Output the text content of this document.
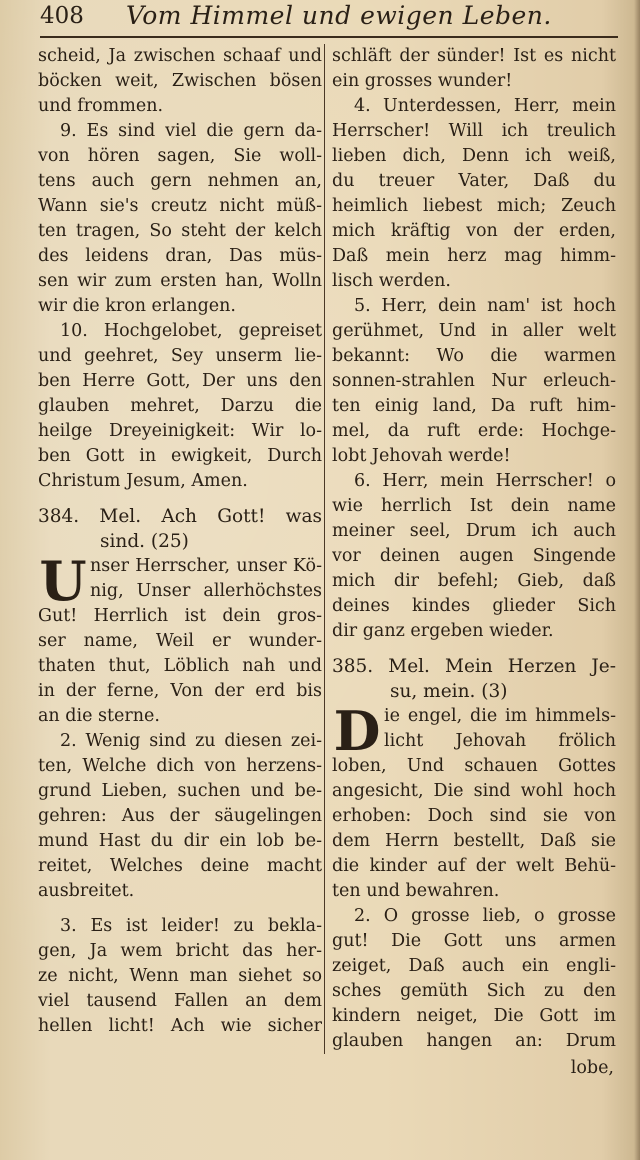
408 Vom Himmel und ewigen Leben.
scheid, Ja zwischen schaaf und
böcken weit, Zwischen bösen
und frommen.
9. Es sind viel die gern da-
von hören sagen, Sie woll-
tens auch gern nehmen an,
Wann sie's creutz nicht müß-
ten tragen, So steht der kelch
des leidens dran, Das müs-
sen wir zum ersten han, Wolln
wir die kron erlangen.
10. Hochgelobet, gepreiset
und geehret, Sey unserm lie-
ben Herre Gott, Der uns den
glauben mehret, Darzu die
heilge Dreyeinigkeit: Wir lo-
ben Gott in ewigkeit, Durch
Christum Jesum, Amen.
384. Mel. Ach Gott! was
sind. (25)
U nser Herrscher, unser Kö-
nig, Unser allerhöchstes
Gut! Herrlich ist dein gros-
ser name, Weil er wunder-
thaten thut, Löblich nah und
in der ferne, Von der erd bis
an die sterne.
2. Wenig sind zu diesen zei-
ten, Welche dich von herzens-
grund Lieben, suchen und be-
gehren: Aus der säugelingen
mund Hast du dir ein lob be-
reitet, Welches deine macht
ausbreitet.
3. Es ist leider! zu bekla-
gen, Ja wem bricht das her-
ze nicht, Wenn man siehet so
viel tausend Fallen an dem
hellen licht! Ach wie sicher
schläft der sünder! Ist es nicht
ein grosses wunder!
4. Unterdessen, Herr, mein
Herrscher! Will ich treulich
lieben dich, Denn ich weiß,
du treuer Vater, Daß du
heimlich liebest mich; Zeuch
mich kräftig von der erden,
Daß mein herz mag himm-
lisch werden.
5. Herr, dein nam' ist hoch
gerühmet, Und in aller welt
bekannt: Wo die warmen
sonnen-strahlen Nur erleuch-
ten einig land, Da ruft him-
mel, da ruft erde: Hochge-
lobt Jehovah werde!
6. Herr, mein Herrscher! o
wie herrlich Ist dein name
meiner seel, Drum ich auch
vor deinen augen Singende
mich dir befehl; Gieb, daß
deines kindes glieder Sich
dir ganz ergeben wieder.
385. Mel. Mein Herzen Je-
su, mein. (3)
D ie engel, die im himmels-
licht Jehovah frölich
loben, Und schauen Gottes
angesicht, Die sind wohl hoch
erhoben: Doch sind sie von
dem Herrn bestellt, Daß sie
die kinder auf der welt Behü-
ten und bewahren.
2. O grosse lieb, o grosse
gut! Die Gott uns armen
zeiget, Daß auch ein engli-
sches gemüth Sich zu den
kindern neiget, Die Gott im
glauben hangen an: Drum
lobe,
